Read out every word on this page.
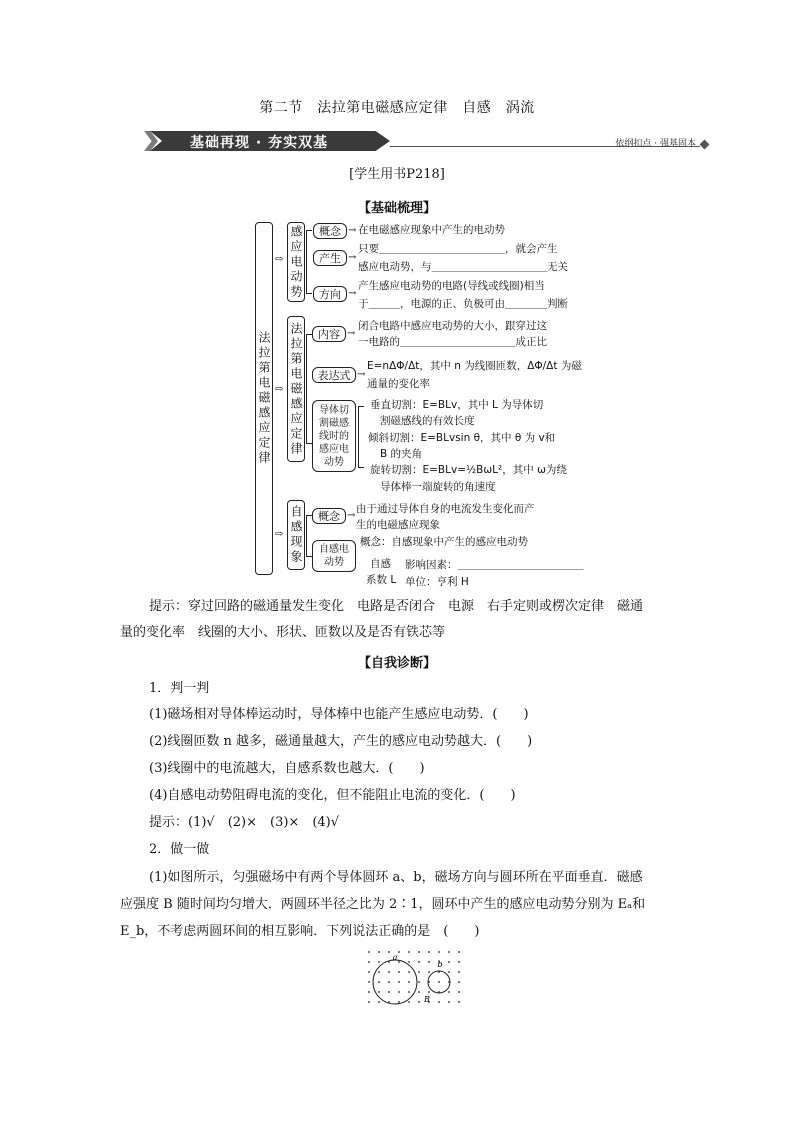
第二节　法拉第电磁感应定律　自感　涡流
基础再现 · 夯实双基	依纲扣点 · 强基固本
[学生用书P218]
【基础梳理】
法拉第电磁感应定律
⇨
⇨
⇨
感应电动势	概念 → 在电磁感应现象中产生的电动势
产生 →
只要＿＿＿＿＿＿＿＿＿＿＿＿，就会产生
感应电动势，与＿＿＿＿＿＿＿＿＿＿＿无关
方向 →
产生感应电动势的电路(导线或线圈)相当
于＿＿＿，电源的正、负极可由＿＿＿＿判断
法拉第电磁感应定律	内容 →
闭合电路中感应电动势的大小，跟穿过这
一电路的＿＿＿＿＿＿＿＿＿＿＿成正比
表达式 →
E=nΔΦ/Δt，其中 n 为线圈匝数，ΔΦ/Δt 为磁
通量的变化率
导体切割磁感线时的感应电动势
垂直切割：E=BLv，其中 L 为导体切
割磁感线的有效长度
倾斜切割：E=BLvsin θ，其中 θ 为 v和
B 的夹角
旋转切割：E=BLv=½BωL²，其中 ω为绕
导体棒一端旋转的角速度
自感现象	概念 →
由于通过导体自身的电流发生变化而产
生的电磁感应现象
自感电动势
概念：自感现象中产生的感应电动势
自感
系数 L
影响因素：＿＿＿＿＿＿＿＿＿＿＿＿
单位：亨利 H
提示：穿过回路的磁通量发生变化　电路是否闭合　电源　右手定则或楞次定律　磁通
量的变化率　线圈的大小、形状、匝数以及是否有铁芯等
【自我诊断】
1．判一判
(1)磁场相对导体棒运动时，导体棒中也能产生感应电动势．(　　)
(2)线圈匝数 n 越多，磁通量越大，产生的感应电动势越大．(　　)
(3)线圈中的电流越大，自感系数也越大．(　　)
(4)自感电动势阻碍电流的变化，但不能阻止电流的变化．(　　)
提示：(1)√　(2)×　(3)×　(4)√
2．做一做
(1)如图所示，匀强磁场中有两个导体圆环 a、b，磁场方向与圆环所在平面垂直．磁感
应强度 B 随时间均匀增大．两圆环半径之比为 2∶1，圆环中产生的感应电动势分别为 Eₐ和
E_b，不考虑两圆环间的相互影响．下列说法正确的是　(　　)
a
b
B
